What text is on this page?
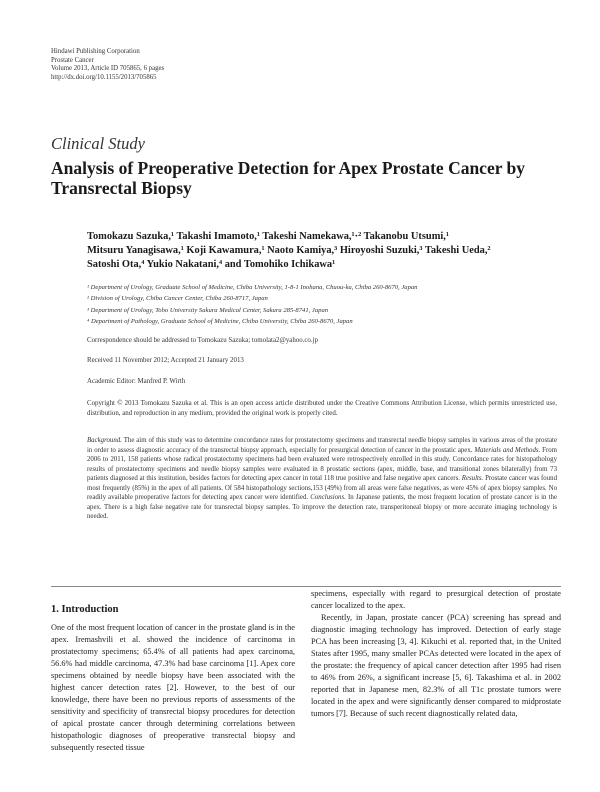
Hindawi Publishing Corporation
Prostate Cancer
Volume 2013, Article ID 705865, 6 pages
http://dx.doi.org/10.1155/2013/705865
Clinical Study
Analysis of Preoperative Detection for Apex Prostate Cancer by Transrectal Biopsy
Tomokazu Sazuka,¹ Takashi Imamoto,¹ Takeshi Namekawa,¹·² Takanobu Utsumi,¹
Mitsuru Yanagisawa,¹ Koji Kawamura,¹ Naoto Kamiya,³ Hiroyoshi Suzuki,³ Takeshi Ueda,²
Satoshi Ota,⁴ Yukio Nakatani,⁴ and Tomohiko Ichikawa¹
¹ Department of Urology, Graduate School of Medicine, Chiba University, 1-8-1 Inohana, Chuou-ku, Chiba 260-8670, Japan
² Division of Urology, Chiba Cancer Center, Chiba 260-8717, Japan
³ Department of Urology, Toho University Sakura Medical Center, Sakura 285-8741, Japan
⁴ Department of Pathology, Graduate School of Medicine, Chiba University, Chiba 260-8670, Japan
Correspondence should be addressed to Tomokazu Sazuka; tomolata2@yahoo.co.jp
Received 11 November 2012; Accepted 21 January 2013
Academic Editor: Manfred P. Wirth
Copyright © 2013 Tomokazu Sazuka et al. This is an open access article distributed under the Creative Commons Attribution License, which permits unrestricted use, distribution, and reproduction in any medium, provided the original work is properly cited.
Background. The aim of this study was to determine concordance rates for prostatectomy specimens and transrectal needle biopsy samples in various areas of the prostate in order to assess diagnostic accuracy of the transrectal biopsy approach, especially for presurgical detection of cancer in the prostatic apex. Materials and Methods. From 2006 to 2011, 158 patients whose radical prostatectomy specimens had been evaluated were retrospectively enrolled in this study. Concordance rates for histopathology results of prostatectomy specimens and needle biopsy samples were evaluated in 8 prostatic sections (apex, middle, base, and transitional zones bilaterally) from 73 patients diagnosed at this institution, besides factors for detecting apex cancer in total 118 true positive and false negative apex cancers. Results. Prostate cancer was found most frequently (85%) in the apex of all patients. Of 584 histopathology sections,153 (49%) from all areas were false negatives, as were 45% of apex biopsy samples. No readily available preoperative factors for detecting apex cancer were identified. Conclusions. In Japanese patients, the most frequent location of prostate cancer is in the apex. There is a high false negative rate for transrectal biopsy samples. To improve the detection rate, transperitoneal biopsy or more accurate imaging technology is needed.
1. Introduction

One of the most frequent location of cancer in the prostate gland is in the apex. Iremashvili et al. showed the incidence of carcinoma in prostatectomy specimens; 65.4% of all patients had apex carcinoma, 56.6% had middle carcinoma, 47.3% had base carcinoma [1]. Apex core specimens obtained by needle biopsy have been associated with the highest cancer detection rates [2]. However, to the best of our knowledge, there have been no previous reports of assessments of the sensitivity and specificity of transrectal biopsy procedures for detection of apical prostate cancer through determining correlations between histopathologic diagnoses of preoperative transrectal biopsy and subsequently resected tissue

specimens, especially with regard to presurgical detection of prostate cancer localized to the apex.

Recently, in Japan, prostate cancer (PCA) screening has spread and diagnostic imaging technology has improved. Detection of early stage PCA has been increasing [3, 4]. Kikuchi et al. reported that, in the United States after 1995, many smaller PCAs detected were located in the apex of the prostate: the frequency of apical cancer detection after 1995 had risen to 46% from 26%, a significant increase [5, 6]. Takashima et al. in 2002 reported that in Japanese men, 82.3% of all T1c prostate tumors were located in the apex and were significantly denser compared to midprostate tumors [7]. Because of such recent diagnostically related data,
